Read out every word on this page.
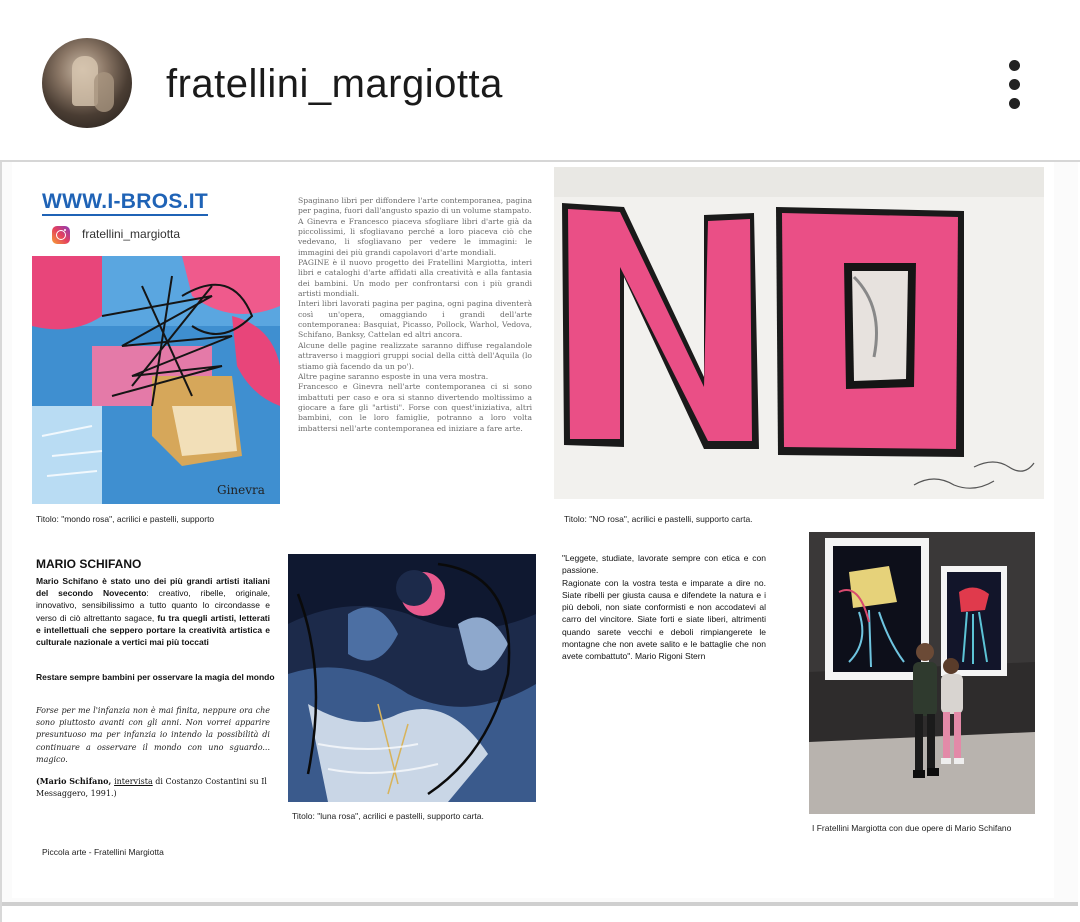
fratellini_margiotta
WWW.I-BROS.IT
fratellini_margiotta
Ginevra
Titolo: "mondo rosa", acrilici e pastelli, supporto
Spaginano libri per diffondere l'arte contemporanea, pagina per pagina, fuori dall'angusto spazio di un volume stampato.
A Ginevra e Francesco piaceva sfogliare libri d'arte già da piccolissimi, li sfogliavano perché a loro piaceva ciò che vedevano, li sfogliavano per vedere le immagini: le immagini dei più grandi capolavori d'arte mondiali.
PAGINE è il nuovo progetto dei Fratellini Margiotta, interi libri e cataloghi d'arte affidati alla creatività e alla fantasia dei bambini. Un modo per confrontarsi con i più grandi artisti mondiali.
Interi libri lavorati pagina per pagina, ogni pagina diventerà così un'opera, omaggiando i grandi dell'arte contemporanea: Basquiat, Picasso, Pollock, Warhol, Vedova, Schifano, Banksy, Cattelan ed altri ancora.
Alcune delle pagine realizzate saranno diffuse regalandole attraverso i maggiori gruppi social della città dell'Aquila (lo stiamo già facendo da un po').
Altre pagine saranno esposte in una vera mostra.
Francesco e Ginevra nell'arte contemporanea ci si sono imbattuti per caso e ora si stanno divertendo moltissimo a giocare a fare gli "artisti". Forse con quest'iniziativa, altri bambini, con le loro famiglie, potranno a loro volta imbattersi nell'arte contemporanea ed iniziare a fare arte.
Titolo: "NO rosa", acrilici e pastelli, supporto carta.
MARIO SCHIFANO
Mario Schifano è stato uno dei più grandi artisti italiani del secondo Novecento: creativo, ribelle, originale, innovativo, sensibilissimo a tutto quanto lo circondasse e verso di ciò altrettanto sagace, fu tra quegli artisti, letterati e intellettuali che seppero portare la creatività artistica e culturale nazionale a vertici mai più toccati
Restare sempre bambini per osservare la magia del mondo
Forse per me l'infanzia non è mai finita, neppure ora che sono piuttosto avanti con gli anni. Non vorrei apparire presuntuoso ma per infanzia io intendo la possibilità di continuare a osservare il mondo con uno sguardo... magico.
(Mario Schifano, intervista di Costanzo Costantini su Il Messaggero, 1991.)
Titolo: "luna rosa", acrilici e pastelli, supporto carta.
"Leggete, studiate, lavorate sempre con etica e con passione.
Ragionate con la vostra testa e imparate a dire no. Siate ribelli per giusta causa e difendete la natura e i più deboli, non siate conformisti e non accodatevi al carro del vincitore. Siate forti e siate liberi, altrimenti quando sarete vecchi e deboli rimpiangerete le montagne che non avete salito e le battaglie che non avete combattuto". Mario Rigoni Stern
I Fratellini Margiotta con due opere di Mario Schifano
Piccola arte - Fratellini Margiotta
